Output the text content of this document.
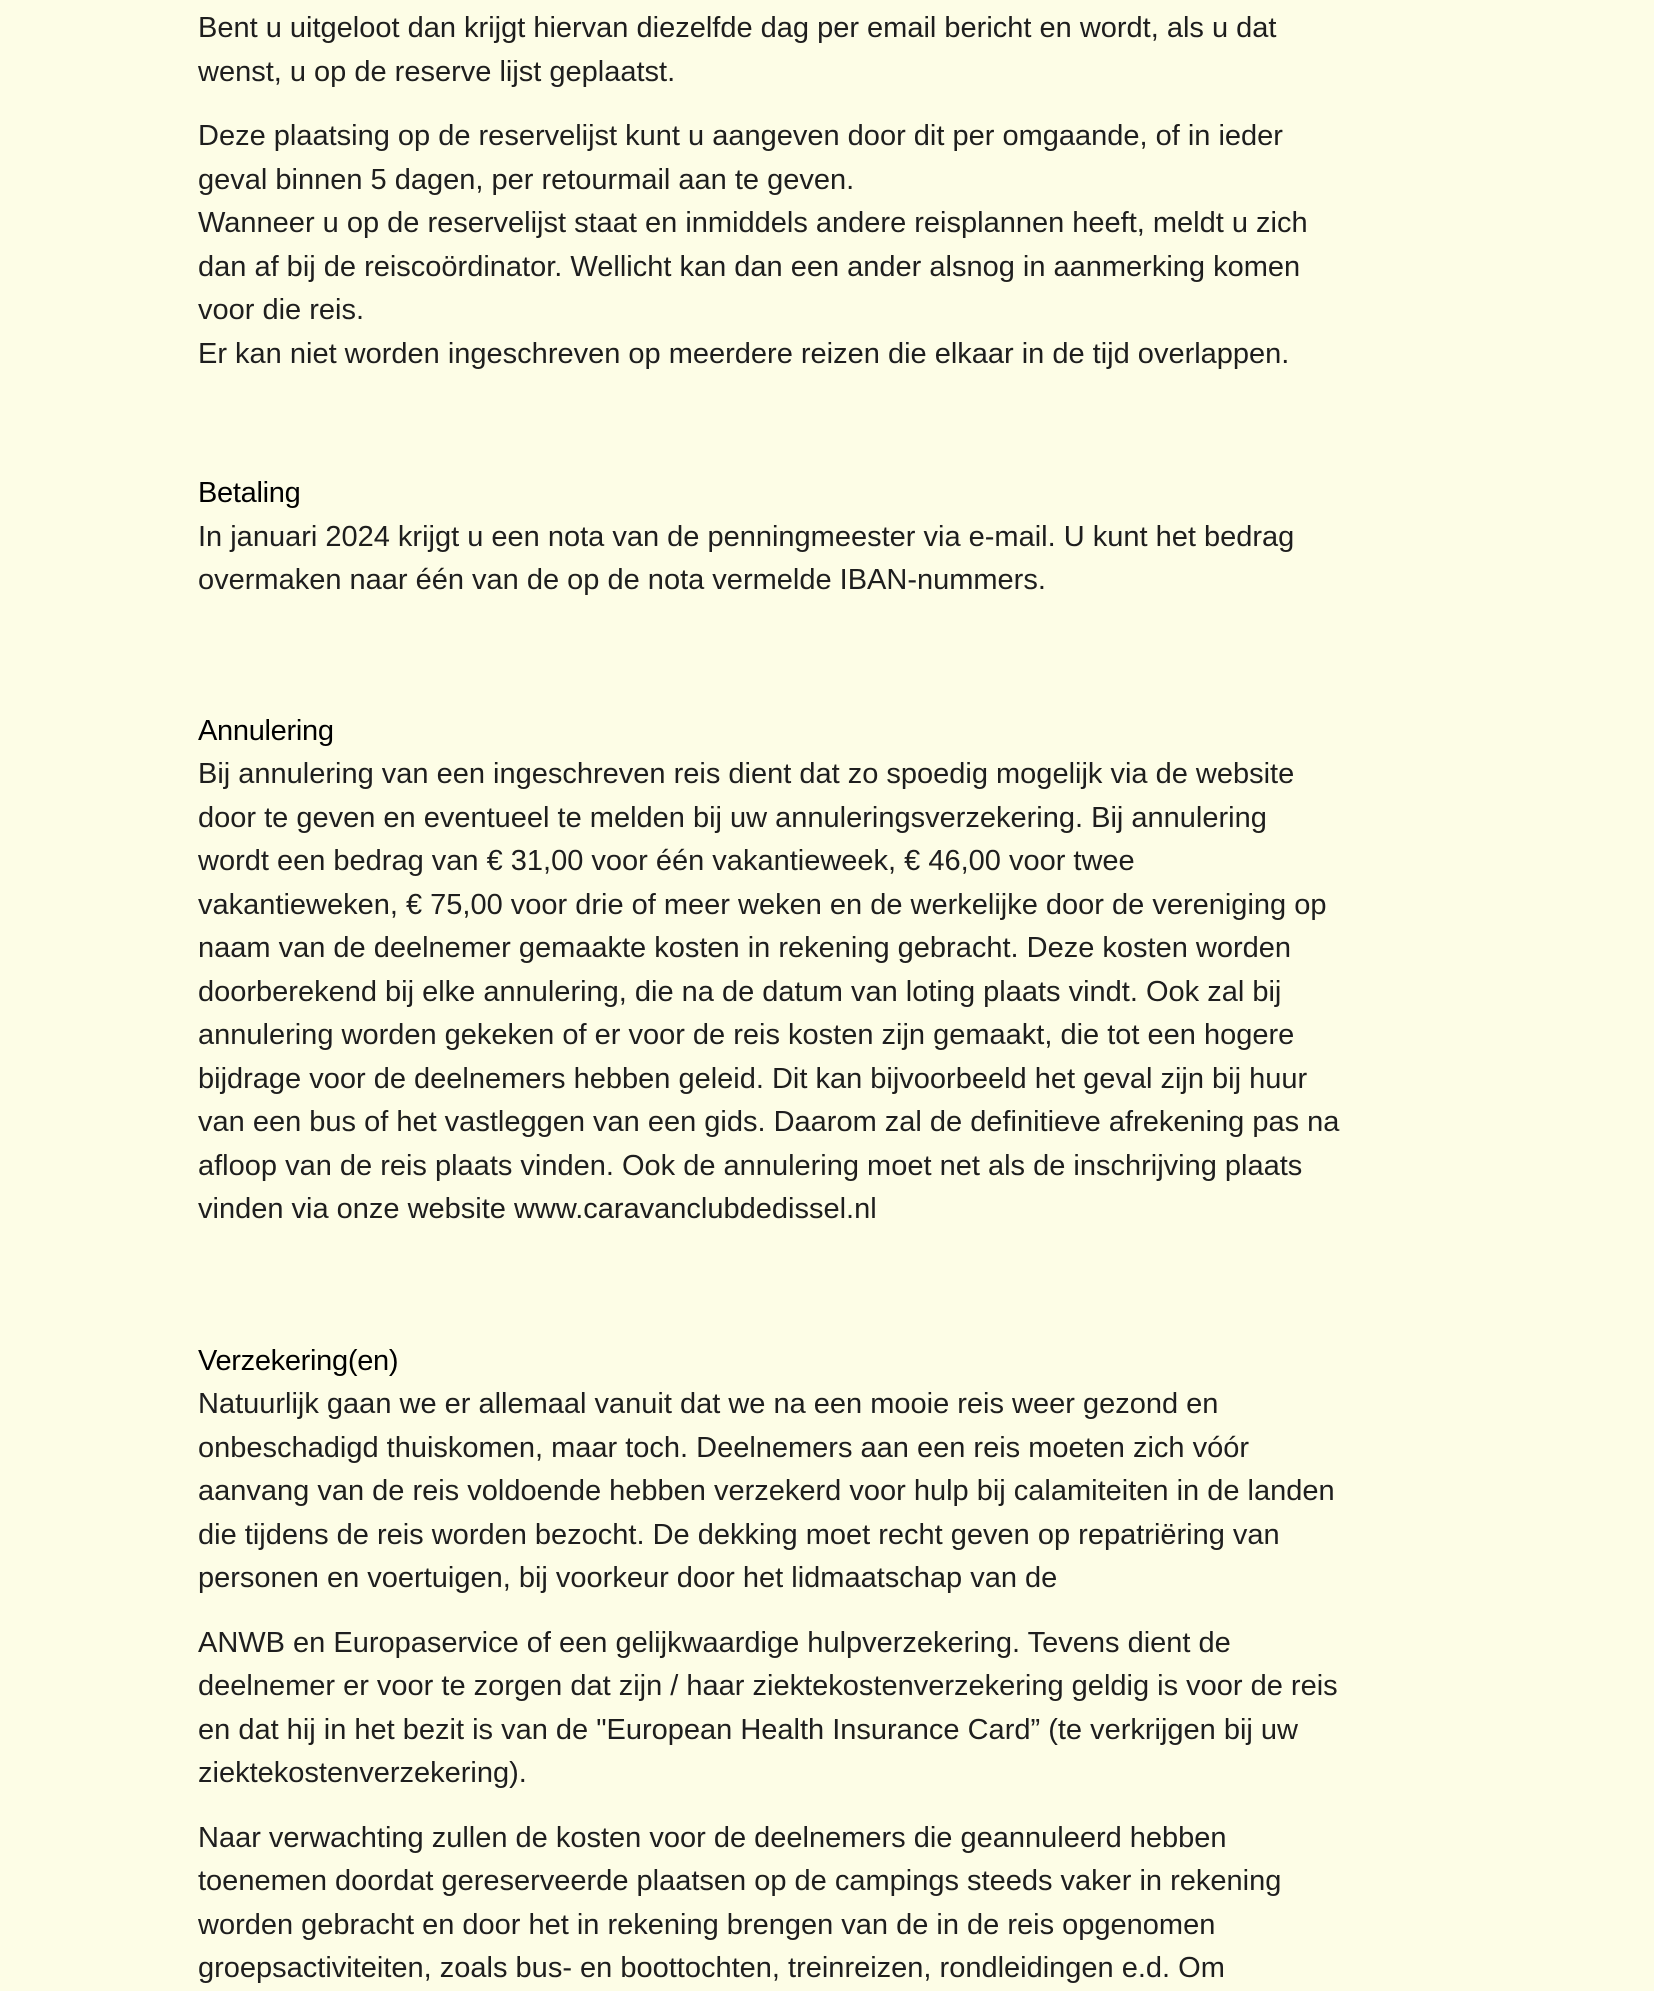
Bent u uitgeloot dan krijgt hiervan diezelfde dag per email bericht en wordt, als u dat
wenst, u op de reserve lijst geplaatst.

Deze plaatsing op de reservelijst kunt u aangeven door dit per omgaande, of in ieder
geval binnen 5 dagen, per retourmail aan te geven.
Wanneer u op de reservelijst staat en inmiddels andere reisplannen heeft, meldt u zich
dan af bij de reiscoördinator. Wellicht kan dan een ander alsnog in aanmerking komen
voor die reis.
Er kan niet worden ingeschreven op meerdere reizen die elkaar in de tijd overlappen.

Betaling

In januari 2024 krijgt u een nota van de penningmeester via e-mail. U kunt het bedrag
overmaken naar één van de op de nota vermelde IBAN-nummers.

Annulering

Bij annulering van een ingeschreven reis dient dat zo spoedig mogelijk via de website
door te geven en eventueel te melden bij uw annuleringsverzekering. Bij annulering
wordt een bedrag van € 31,00 voor één vakantieweek, € 46,00 voor twee
vakantieweken, € 75,00 voor drie of meer weken en de werkelijke door de vereniging op
naam van de deelnemer gemaakte kosten in rekening gebracht. Deze kosten worden
doorberekend bij elke annulering, die na de datum van loting plaats vindt. Ook zal bij
annulering worden gekeken of er voor de reis kosten zijn gemaakt, die tot een hogere
bijdrage voor de deelnemers hebben geleid. Dit kan bijvoorbeeld het geval zijn bij huur
van een bus of het vastleggen van een gids. Daarom zal de definitieve afrekening pas na
afloop van de reis plaats vinden. Ook de annulering moet net als de inschrijving plaats
vinden via onze website www.caravanclubdedissel.nl

Verzekering(en)

Natuurlijk gaan we er allemaal vanuit dat we na een mooie reis weer gezond en
onbeschadigd thuiskomen, maar toch. Deelnemers aan een reis moeten zich vóór
aanvang van de reis voldoende hebben verzekerd voor hulp bij calamiteiten in de landen
die tijdens de reis worden bezocht. De dekking moet recht geven op repatriëring van
personen en voertuigen, bij voorkeur door het lidmaatschap van de

ANWB en Europaservice of een gelijkwaardige hulpverzekering. Tevens dient de
deelnemer er voor te zorgen dat zijn / haar ziektekostenverzekering geldig is voor de reis
en dat hij in het bezit is van de "European Health Insurance Card” (te verkrijgen bij uw
ziektekostenverzekering).

Naar verwachting zullen de kosten voor de deelnemers die geannuleerd hebben
toenemen doordat gereserveerde plaatsen op de campings steeds vaker in rekening
worden gebracht en door het in rekening brengen van de in de reis opgenomen
groepsactiviteiten, zoals bus- en boottochten, treinreizen, rondleidingen e.d. Om
